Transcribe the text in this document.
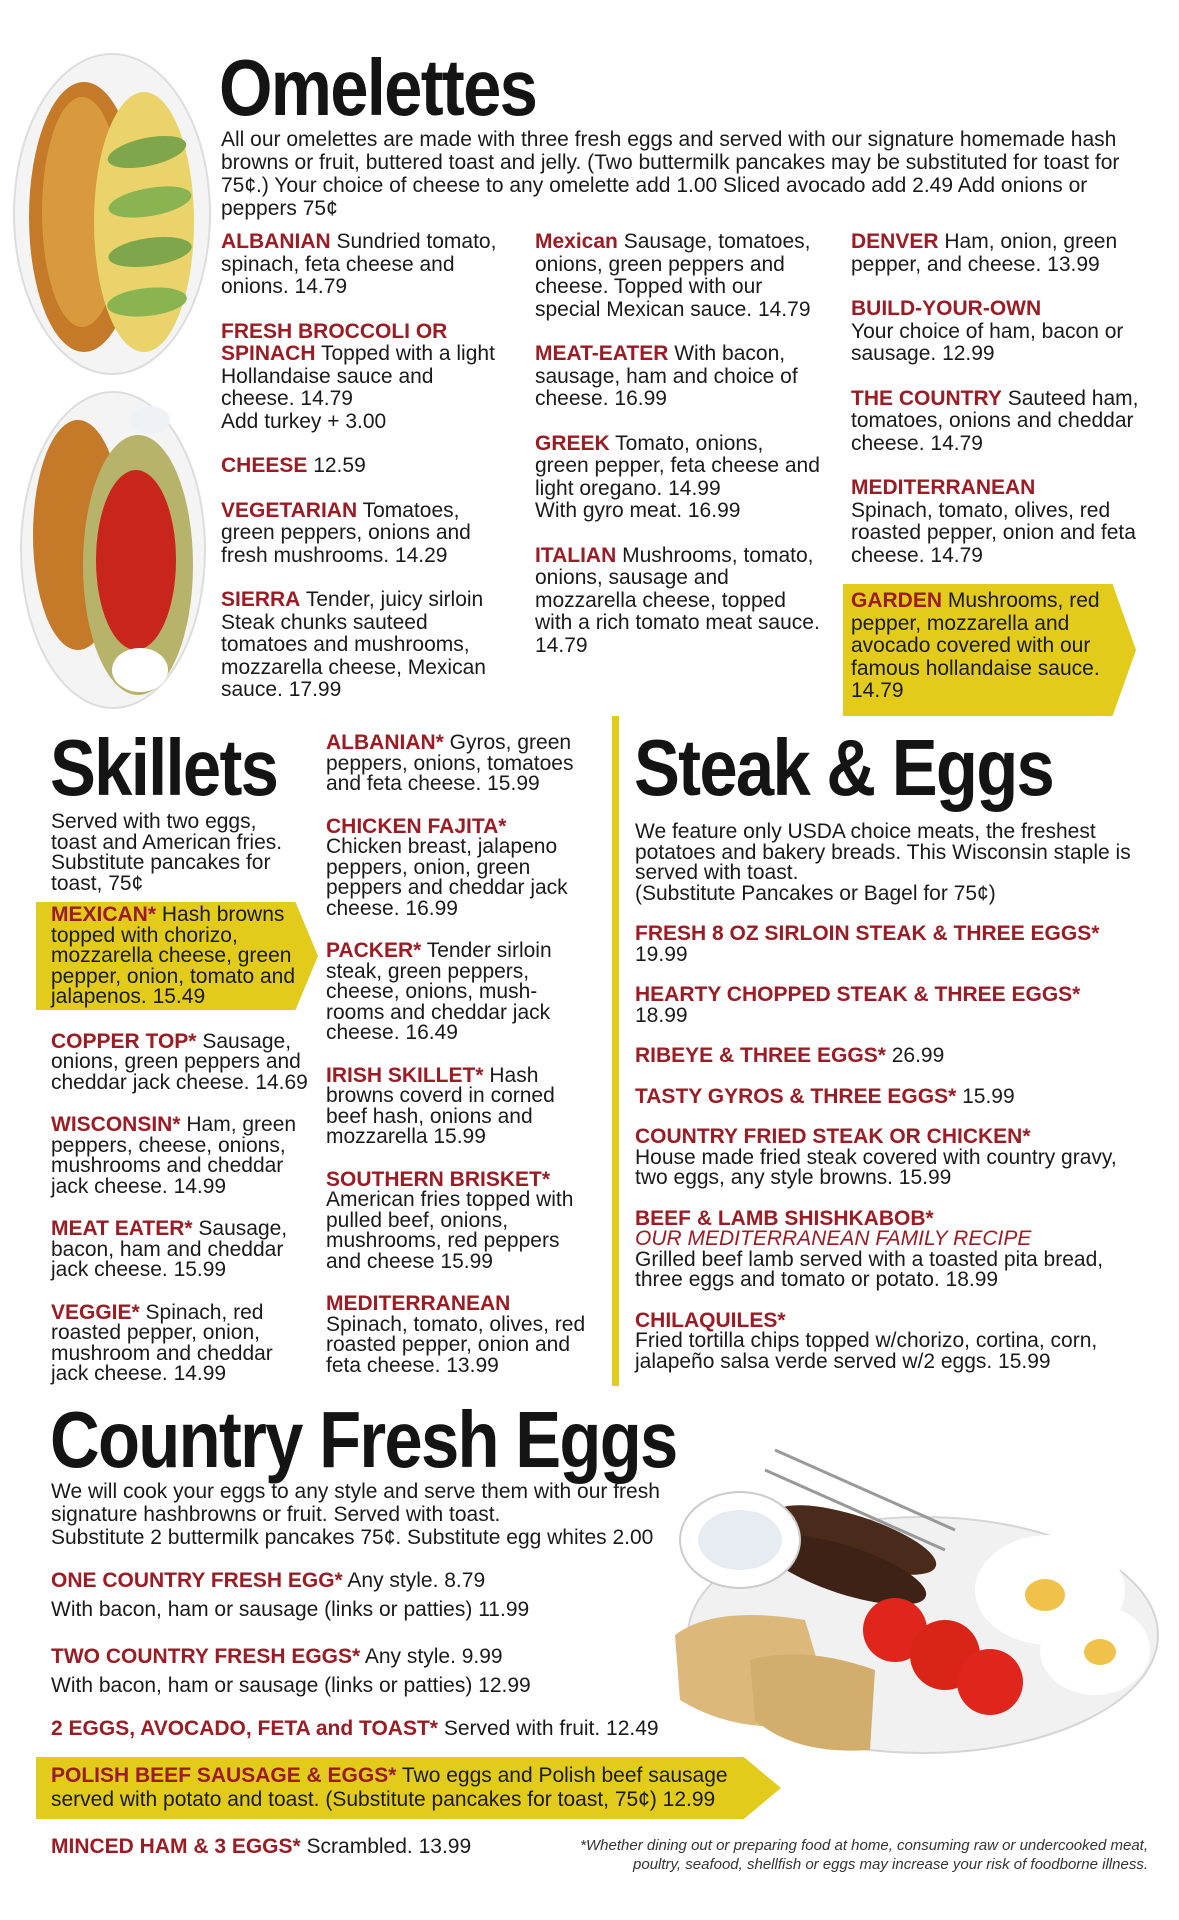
Omelettes
All our omelettes are made with three fresh eggs and served with our signature homemade hash browns or fruit, buttered toast and jelly. (Two buttermilk pancakes may be substituted for toast for 75¢.) Your choice of cheese to any omelette add 1.00 Sliced avocado add 2.49 Add onions or peppers 75¢
ALBANIAN Sundried tomato, spinach, feta cheese and onions. 14.79
FRESH BROCCOLI OR SPINACH Topped with a light Hollandaise sauce and cheese. 14.79
Add turkey + 3.00
CHEESE 12.59
VEGETARIAN Tomatoes, green peppers, onions and fresh mushrooms. 14.29
SIERRA Tender, juicy sirloin Steak chunks sauteed tomatoes and mushrooms, mozzarella cheese, Mexican sauce. 17.99
Mexican Sausage, tomatoes, onions, green peppers and cheese. Topped with our special Mexican sauce. 14.79
MEAT-EATER With bacon, sausage, ham and choice of cheese. 16.99
GREEK Tomato, onions, green pepper, feta cheese and light oregano. 14.99
With gyro meat. 16.99
ITALIAN Mushrooms, tomato, onions, sausage and mozzarella cheese, topped with a rich tomato meat sauce. 14.79
DENVER Ham, onion, green pepper, and cheese. 13.99
BUILD-YOUR-OWN
Your choice of ham, bacon or sausage. 12.99
THE COUNTRY Sauteed ham, tomatoes, onions and cheddar cheese. 14.79
MEDITERRANEAN
Spinach, tomato, olives, red roasted pepper, onion and feta cheese. 14.79
GARDEN Mushrooms, red pepper, mozzarella and avocado covered with our famous hollandaise sauce. 14.79
Skillets
Served with two eggs, toast and American fries. Substitute pancakes for toast, 75¢
MEXICAN* Hash browns topped with chorizo, mozzarella cheese, green pepper, onion, tomato and jalapenos. 15.49
COPPER TOP* Sausage, onions, green peppers and cheddar jack cheese. 14.69
WISCONSIN* Ham, green peppers, cheese, onions, mushrooms and cheddar jack cheese. 14.99
MEAT EATER* Sausage, bacon, ham and cheddar jack cheese. 15.99
VEGGIE* Spinach, red roasted pepper, onion, mushroom and cheddar jack cheese. 14.99
ALBANIAN* Gyros, green peppers, onions, tomatoes and feta cheese. 15.99
CHICKEN FAJITA*
Chicken breast, jalapeno peppers, onion, green peppers and cheddar jack cheese. 16.99
PACKER* Tender sirloin steak, green peppers, cheese, onions, mush-rooms and cheddar jack cheese. 16.49
IRISH SKILLET* Hash browns coverd in corned beef hash, onions and mozzarella 15.99
SOUTHERN BRISKET*
American fries topped with pulled beef, onions, mushrooms, red peppers and cheese 15.99
MEDITERRANEAN
Spinach, tomato, olives, red roasted pepper, onion and feta cheese. 13.99
Steak & Eggs
We feature only USDA choice meats, the freshest potatoes and bakery breads. This Wisconsin staple is served with toast.
(Substitute Pancakes or Bagel for 75¢)
FRESH 8 OZ SIRLOIN STEAK & THREE EGGS*
19.99
HEARTY CHOPPED STEAK & THREE EGGS*
18.99
RIBEYE & THREE EGGS* 26.99
TASTY GYROS & THREE EGGS* 15.99
COUNTRY FRIED STEAK OR CHICKEN*
House made fried steak covered with country gravy, two eggs, any style browns. 15.99
BEEF & LAMB SHISHKABOB*
OUR MEDITERRANEAN FAMILY RECIPE
Grilled beef lamb served with a toasted pita bread, three eggs and tomato or potato. 18.99
CHILAQUILES*
Fried tortilla chips topped w/chorizo, cortina, corn, jalapeño salsa verde served w/2 eggs. 15.99
Country Fresh Eggs
We will cook your eggs to any style and serve them with our fresh signature hashbrowns or fruit. Served with toast.
Substitute 2 buttermilk pancakes 75¢. Substitute egg whites 2.00
ONE COUNTRY FRESH EGG* Any style. 8.79
With bacon, ham or sausage (links or patties) 11.99
TWO COUNTRY FRESH EGGS* Any style. 9.99
With bacon, ham or sausage (links or patties) 12.99
2 EGGS, AVOCADO, FETA and TOAST* Served with fruit. 12.49
POLISH BEEF SAUSAGE & EGGS* Two eggs and Polish beef sausage served with potato and toast. (Substitute pancakes for toast, 75¢) 12.99
MINCED HAM & 3 EGGS* Scrambled. 13.99	*Whether dining out or preparing food at home, consuming raw or undercooked meat, poultry, seafood, shellfish or eggs may increase your risk of foodborne illness.
